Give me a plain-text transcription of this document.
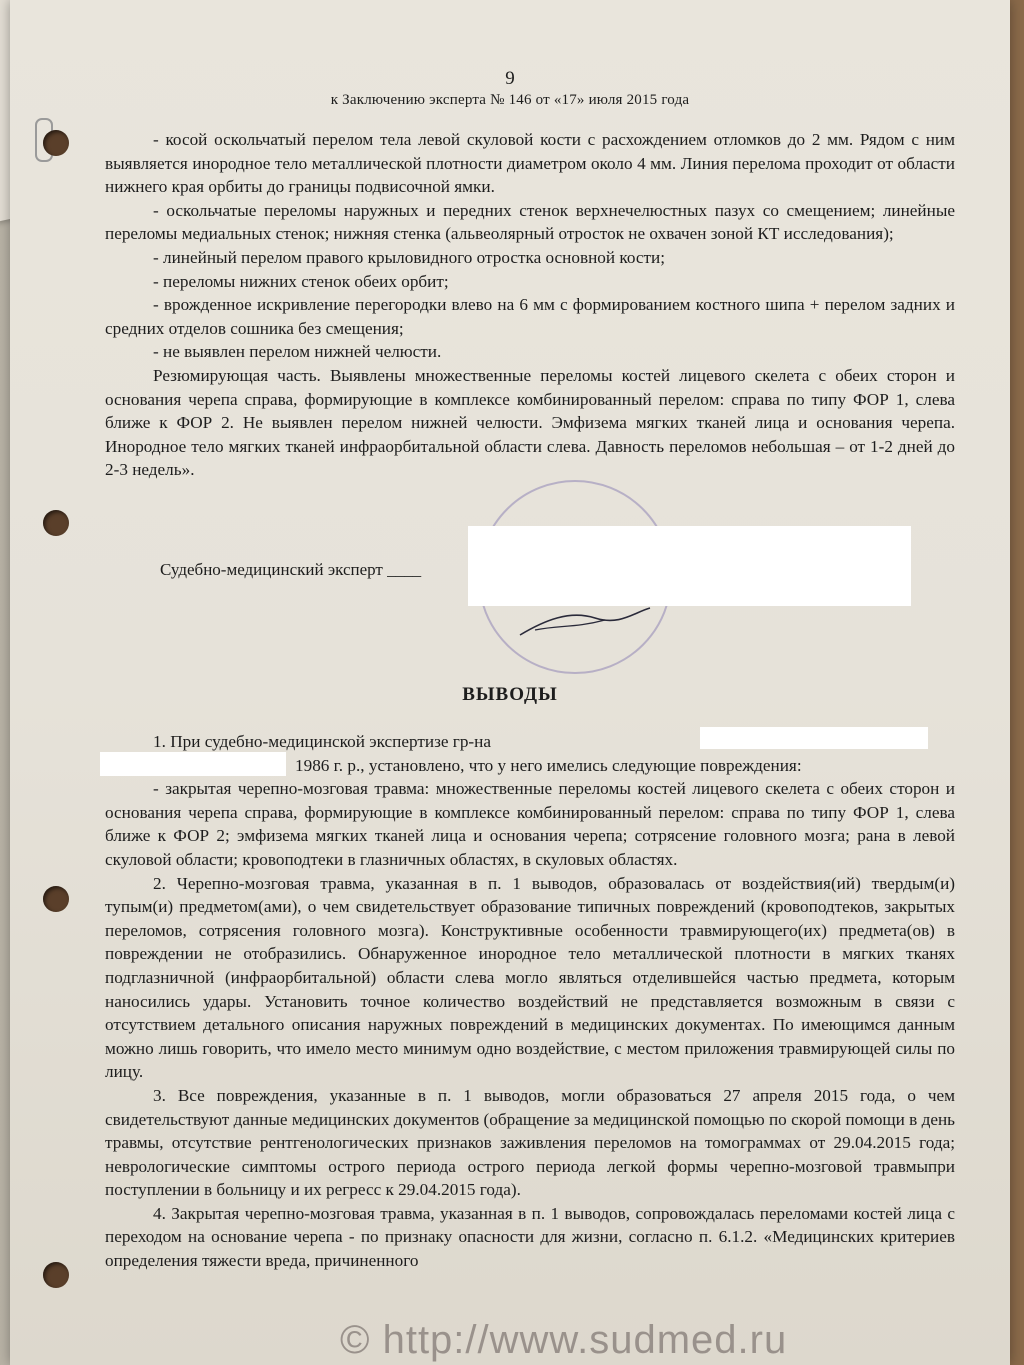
9
к Заключению эксперта № 146 от «17» июля 2015 года

- косой оскольчатый перелом тела левой скуловой кости с расхождением отломков до 2 мм. Рядом с ним выявляется инородное тело металлической плотности диаметром около 4 мм. Линия перелома проходит от области нижнего края орбиты до границы подвисочной ямки.

- оскольчатые переломы наружных и передних стенок верхнечелюстных пазух со смещением; линейные переломы медиальных стенок; нижняя стенка (альвеолярный отросток не охвачен зоной КТ исследования);

- линейный перелом правого крыловидного отростка основной кости;

- переломы нижних стенок обеих орбит;

- врожденное искривление перегородки влево на 6 мм с формированием костного шипа + перелом задних и средних отделов сошника без смещения;

- не выявлен перелом нижней челюсти.

Резюмирующая часть. Выявлены множественные переломы костей лицевого скелета с обеих сторон и основания черепа справа, формирующие в комплексе комбинированный перелом: справа по типу ФОР 1, слева ближе к ФОР 2. Не выявлен перелом нижней челюсти. Эмфизема мягких тканей лица и основания черепа. Инородное тело мягких тканей инфраорбитальной области слева. Давность переломов небольшая – от 1-2 дней до 2-3 недель».

Судебно-медицинский эксперт ____
ВЫВОДЫ

1. При судебно-медицинской экспертизе гр-на

1986 г. р., установлено, что у него имелись следующие повреждения:

- закрытая черепно-мозговая травма: множественные переломы костей лицевого скелета с обеих сторон и основания черепа справа, формирующие в комплексе комбинированный перелом: справа по типу ФОР 1, слева ближе к ФОР 2; эмфизема мягких тканей лица и основания черепа; сотрясение головного мозга; рана в левой скуловой области; кровоподтеки в глазничных областях, в скуловых областях.

2. Черепно-мозговая травма, указанная в п. 1 выводов, образовалась от воздействия(ий) твердым(и) тупым(и) предметом(ами), о чем свидетельствует образование типичных повреждений (кровоподтеков, закрытых переломов, сотрясения головного мозга). Конструктивные особенности травмирующего(их) предмета(ов) в повреждении не отобразились. Обнаруженное инородное тело металлической плотности в мягких тканях подглазничной (инфраорбитальной) области слева могло являться отделившейся частью предмета, которым наносились удары. Установить точное количество воздействий не представляется возможным в связи с отсутствием детального описания наружных повреждений в медицинских документах. По имеющимся данным можно лишь говорить, что имело место минимум одно воздействие, с местом приложения травмирующей силы по лицу.

3. Все повреждения, указанные в п. 1 выводов, могли образоваться 27 апреля 2015 года, о чем свидетельствуют данные медицинских документов (обращение за медицинской помощью по скорой помощи в день травмы, отсутствие рентгенологических признаков заживления переломов на томограммах от 29.04.2015 года; неврологические симптомы острого периода острого периода легкой формы черепно-мозговой травмыпри поступлении в больницу и их регресс к 29.04.2015 года).

4. Закрытая черепно-мозговая травма, указанная в п. 1 выводов, сопровождалась переломами костей лица с переходом на основание черепа - по признаку опасности для жизни, согласно п. 6.1.2. «Медицинских критериев определения тяжести вреда, причиненного

© http://www.sudmed.ru
